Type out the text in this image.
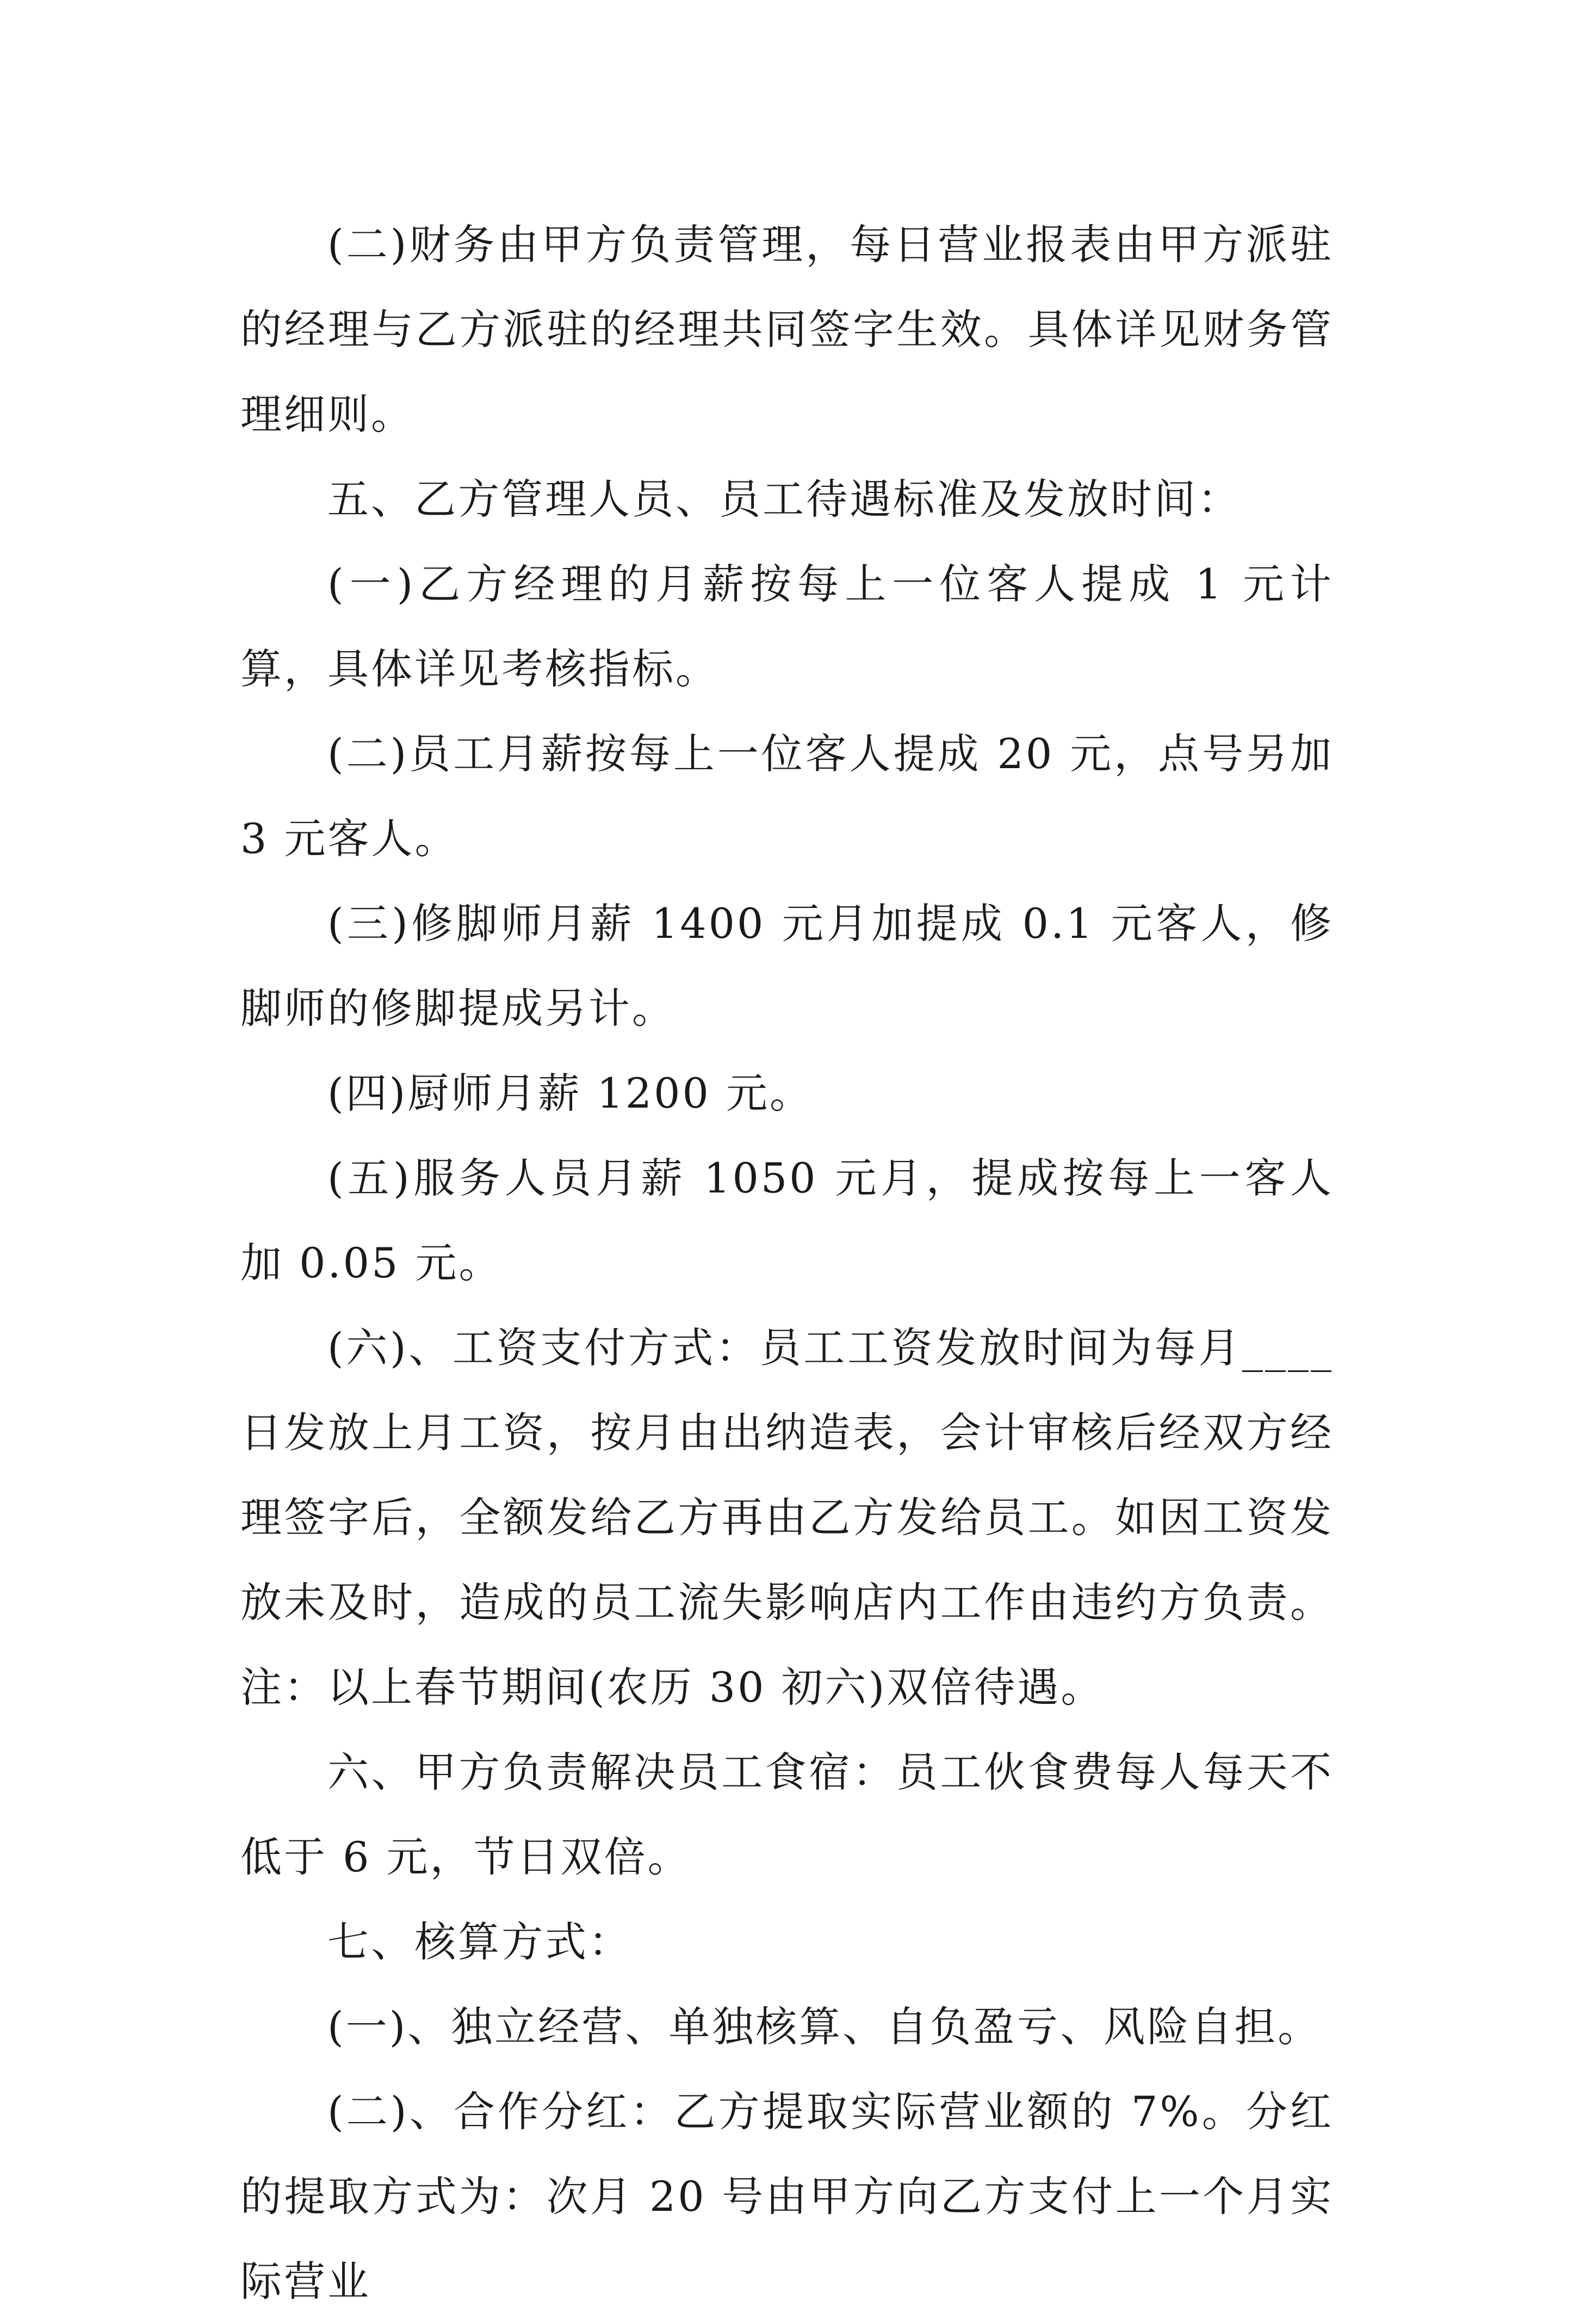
(二)财务由甲方负责管理，每日营业报表由甲方派驻的经理与乙方派驻的经理共同签字生效。具体详见财务管理细则。

五、乙方管理人员、员工待遇标准及发放时间：

(一)乙方经理的月薪按每上一位客人提成 1 元计算，具体详见考核指标。

(二)员工月薪按每上一位客人提成 20 元，点号另加 3 元客人。

(三)修脚师月薪 1400 元月加提成 0.1 元客人，修脚师的修脚提成另计。

(四)厨师月薪 1200 元。

(五)服务人员月薪 1050 元月，提成按每上一客人加 0.05 元。

(六)、工资支付方式：员工工资发放时间为每月____日发放上月工资，按月由出纳造表，会计审核后经双方经理签字后，全额发给乙方再由乙方发给员工。如因工资发放未及时，造成的员工流失影响店内工作由违约方负责。注：以上春节期间(农历 30 初六)双倍待遇。

六、甲方负责解决员工食宿：员工伙食费每人每天不低于 6 元，节日双倍。

七、核算方式：

(一)、独立经营、单独核算、自负盈亏、风险自担。

(二)、合作分红：乙方提取实际营业额的 7%。分红的提取方式为：次月 20 号由甲方向乙方支付上一个月实际营业
